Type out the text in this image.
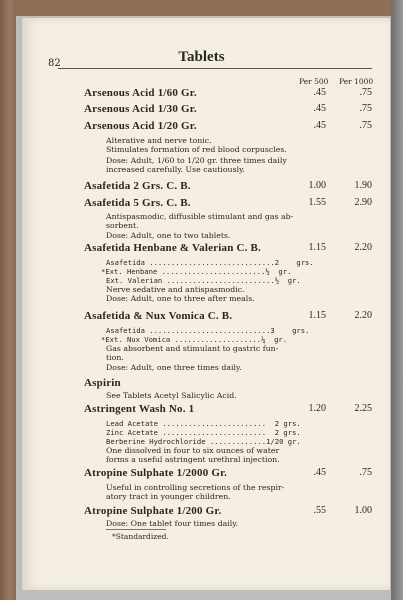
82	Tablets
Per 500 Per 1000
Arsenous Acid 1/60 Gr.	.45	.75
Arsenous Acid 1/30 Gr.	.45	.75
Arsenous Acid 1/20 Gr.	.45	.75
Alterative and nerve tonic.
Stimulates formation of red blood corpuscles.
Dose: Adult, 1/60 to 1/20 gr. three times daily
increased carefully. Use cautiously.
Asafetida 2 Grs. C. B.	1.00	1.90
Asafetida 5 Grs. C. B.	1.55	2.90
Antispasmodic, diffusible stimulant and gas ab-
sorbent.
Dose: Adult, one to two tablets.
Asafetida Henbane & Valerian C. B.	1.15	2.20
Asafetida .............................2    grs.
*Ext. Henbane ........................½  gr.
Ext. Valerian .........................½  gr.
Nerve sedative and antispasmodic.
Dose: Adult, one to three after meals.
Asafetida & Nux Vomica C. B.	1.15	2.20
Asafetida ............................3    grs.
*Ext. Nux Vomica ....................¼  gr.
Gas absorbent and stimulant to gastric fun-
tion.
Dose: Adult, one three times daily.
Aspirin
See Tablets Acetyl Salicylic Acid.
Astringent Wash No. 1	1.20	2.25
Lead Acetate ........................  2 grs.
Zinc Acetate ........................  2 grs.
Berberine Hydrochloride .............1/20 gr.
One dissolved in four to six ounces of water
forms a useful astringent urethral injection.
Atropine Sulphate 1/2000 Gr.	.45	.75
Useful in controlling secretions of the respir-
atory tract in younger children.
Atropine Sulphate 1/200 Gr.	.55	1.00
Dose: One tablet four times daily.
*Standardized.
